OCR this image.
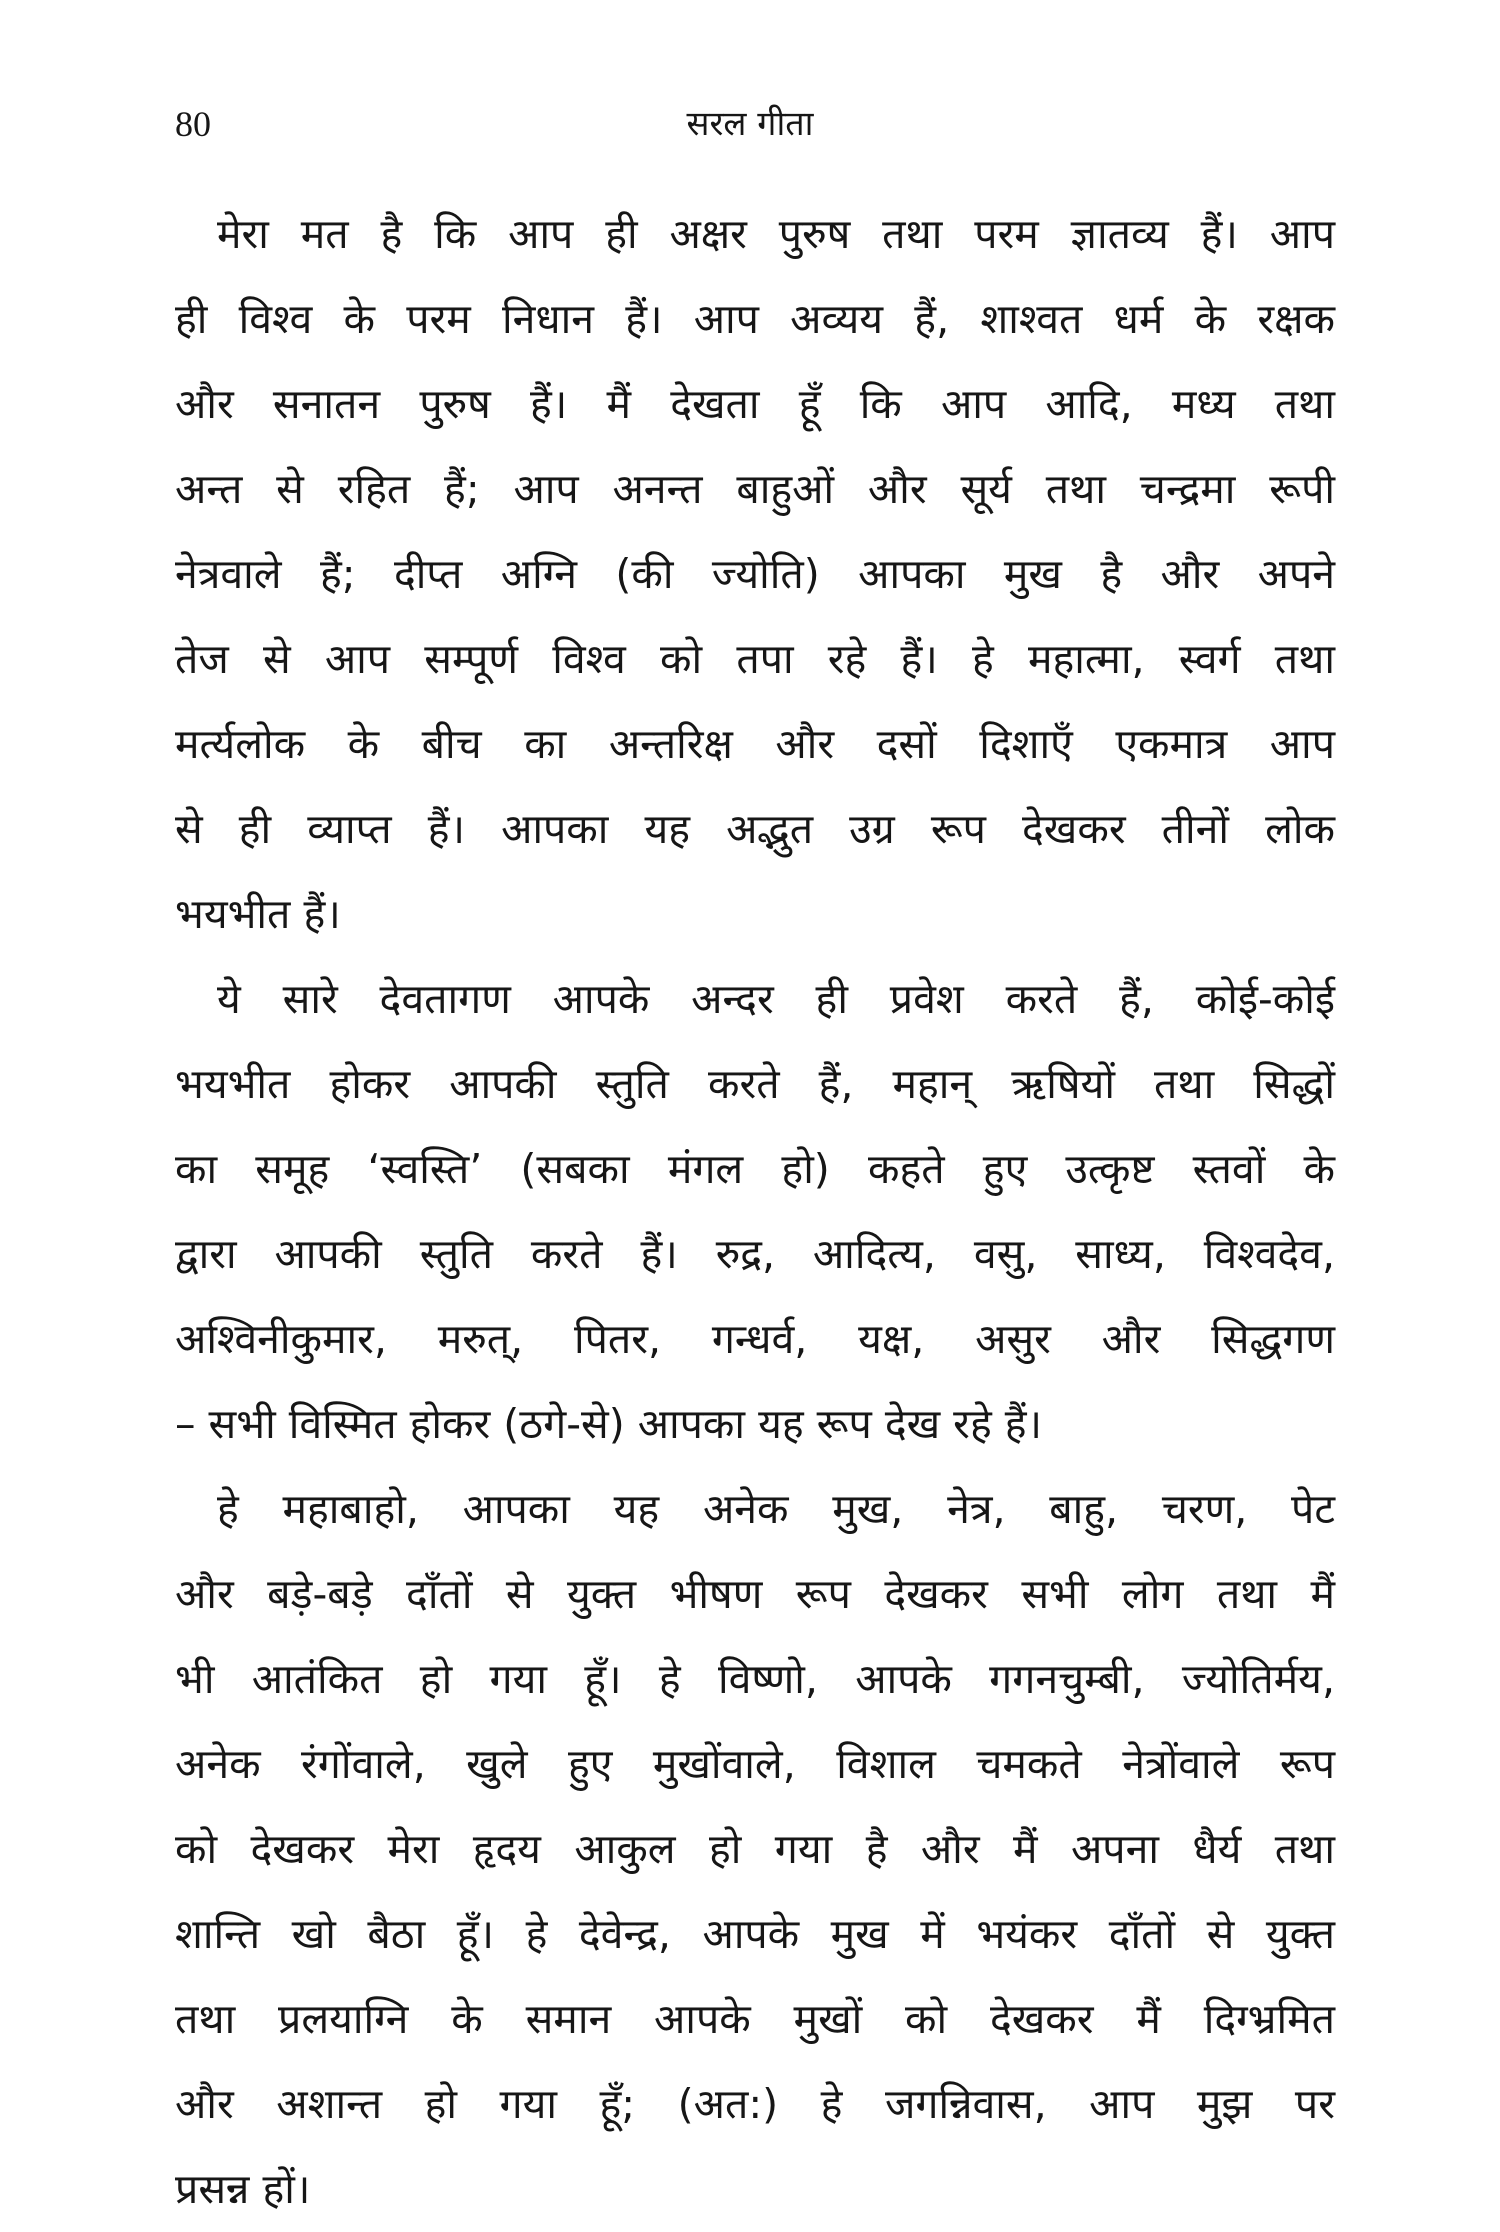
80	सरल गीता

मेरा मत है कि आप ही अक्षर पुरुष तथा परम ज्ञातव्य हैं। आप
ही विश्व के परम निधान हैं। आप अव्यय हैं, शाश्वत धर्म के रक्षक
और सनातन पुरुष हैं। मैं देखता हूँ कि आप आदि, मध्य तथा
अन्त से रहित हैं; आप अनन्त बाहुओं और सूर्य तथा चन्द्रमा रूपी
नेत्रवाले हैं; दीप्त अग्नि (की ज्योति) आपका मुख है और अपने
तेज से आप सम्पूर्ण विश्व को तपा रहे हैं। हे महात्मा, स्वर्ग तथा
मर्त्यलोक के बीच का अन्तरिक्ष और दसों दिशाएँ एकमात्र आप
से ही व्याप्त हैं। आपका यह अद्भुत उग्र रूप देखकर तीनों लोक
भयभीत हैं।

ये सारे देवतागण आपके अन्दर ही प्रवेश करते हैं, कोई-कोई
भयभीत होकर आपकी स्तुति करते हैं, महान् ऋषियों तथा सिद्धों
का समूह ‘स्वस्ति’ (सबका मंगल हो) कहते हुए उत्कृष्ट स्तवों के
द्वारा आपकी स्तुति करते हैं। रुद्र, आदित्य, वसु, साध्य, विश्वदेव,
अश्विनीकुमार, मरुत्, पितर, गन्धर्व, यक्ष, असुर और सिद्धगण
– सभी विस्मित होकर (ठगे-से) आपका यह रूप देख रहे हैं।

हे महाबाहो, आपका यह अनेक मुख, नेत्र, बाहु, चरण, पेट
और बड़े-बड़े दाँतों से युक्त भीषण रूप देखकर सभी लोग तथा मैं
भी आतंकित हो गया हूँ। हे विष्णो, आपके गगनचुम्बी, ज्योतिर्मय,
अनेक रंगोंवाले, खुले हुए मुखोंवाले, विशाल चमकते नेत्रोंवाले रूप
को देखकर मेरा हृदय आकुल हो गया है और मैं अपना धैर्य तथा
शान्ति खो बैठा हूँ। हे देवेन्द्र, आपके मुख में भयंकर दाँतों से युक्त
तथा प्रलयाग्नि के समान आपके मुखों को देखकर मैं दिग्भ्रमित
और अशान्त हो गया हूँ; (अत:) हे जगन्निवास, आप मुझ पर
प्रसन्न हों।
